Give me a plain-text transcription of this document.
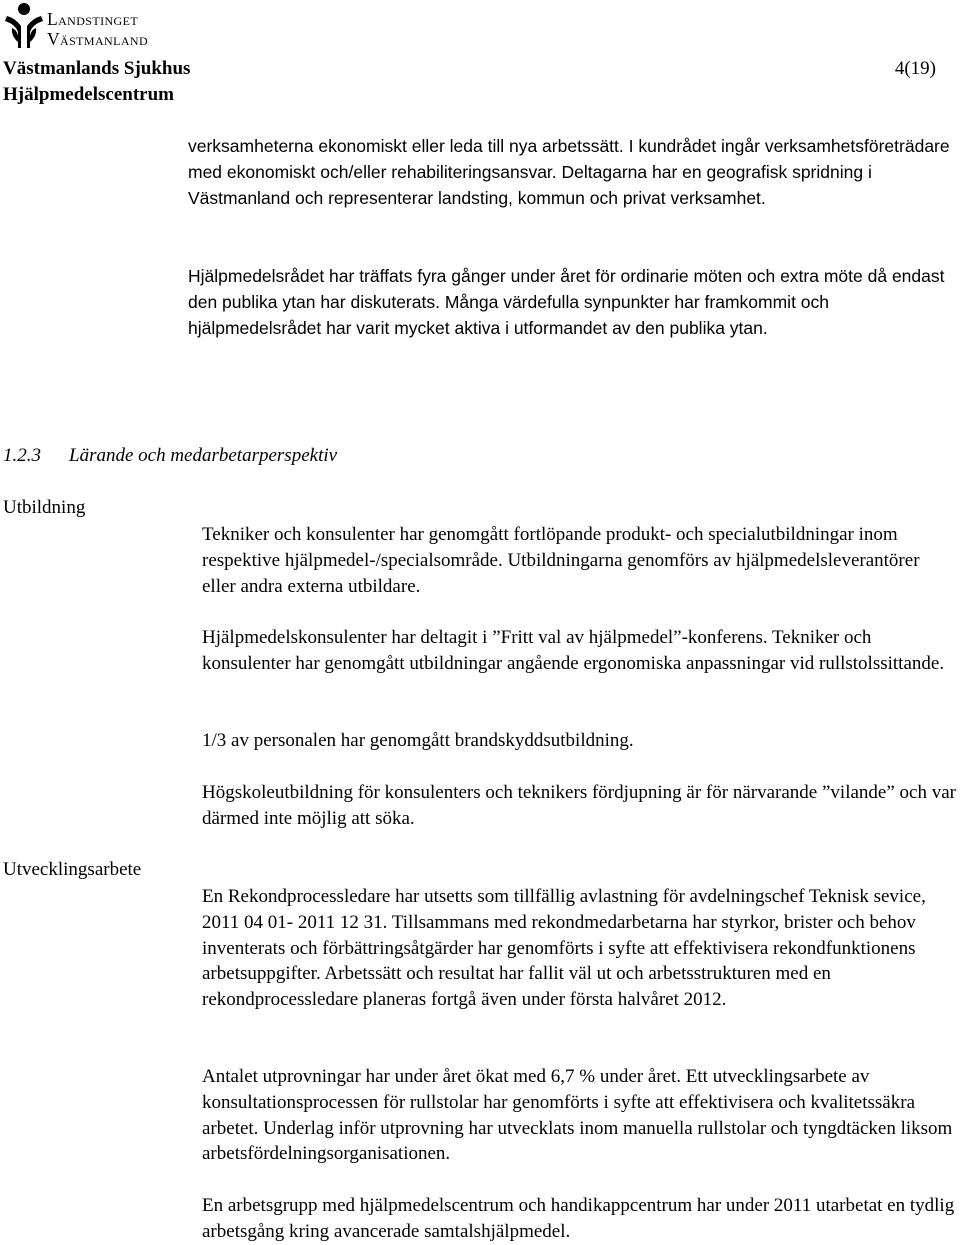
Landstinget
Västmanland
Västmanlands Sjukhus
Hjälpmedelscentrum
4(19)

verksamheterna ekonomiskt eller leda till nya arbetssätt. I kundrådet ingår verksamhetsföreträdare med ekonomiskt och/eller rehabiliteringsansvar. Deltagarna har en geografisk spridning i Västmanland och representerar landsting, kommun och privat verksamhet.

Hjälpmedelsrådet har träffats fyra gånger under året för ordinarie möten och extra möte då endast den publika ytan har diskuterats. Många värdefulla synpunkter har framkommit och hjälpmedelsrådet har varit mycket aktiva i utformandet av den publika ytan.

1.2.3 Lärande och medarbetarperspektiv
Utbildning

Tekniker och konsulenter har genomgått fortlöpande produkt- och specialutbildningar inom respektive hjälpmedel-/specialsområde. Utbildningarna genomförs av hjälpmedelsleverantörer eller andra externa utbildare.

Hjälpmedelskonsulenter har deltagit i ”Fritt val av hjälpmedel”-konferens. Tekniker och konsulenter har genomgått utbildningar angående ergonomiska anpassningar vid rullstolssittande.

1/3 av personalen har genomgått brandskyddsutbildning.

Högskoleutbildning för konsulenters och teknikers fördjupning är för närvarande ”vilande” och var därmed inte möjlig att söka.

Utvecklingsarbete

En Rekondprocessledare har utsetts som tillfällig avlastning för avdelningschef Teknisk sevice, 2011 04 01- 2011 12 31. Tillsammans med rekondmedarbetarna har styrkor, brister och behov inventerats och förbättringsåtgärder har genomförts i syfte att effektivisera rekondfunktionens arbetsuppgifter. Arbetssätt och resultat har fallit väl ut och arbetsstrukturen med en rekondprocessledare planeras fortgå även under första halvåret 2012.

Antalet utprovningar har under året ökat med 6,7 % under året. Ett utvecklingsarbete av konsultationsprocessen för rullstolar har genomförts i syfte att effektivisera och kvalitetssäkra arbetet. Underlag inför utprovning har utvecklats inom manuella rullstolar och tyngdtäcken liksom arbetsfördelningsorganisationen.

En arbetsgrupp med hjälpmedelscentrum och handikappcentrum har under 2011 utarbetat en tydlig arbetsgång kring avancerade samtalshjälpmedel.
